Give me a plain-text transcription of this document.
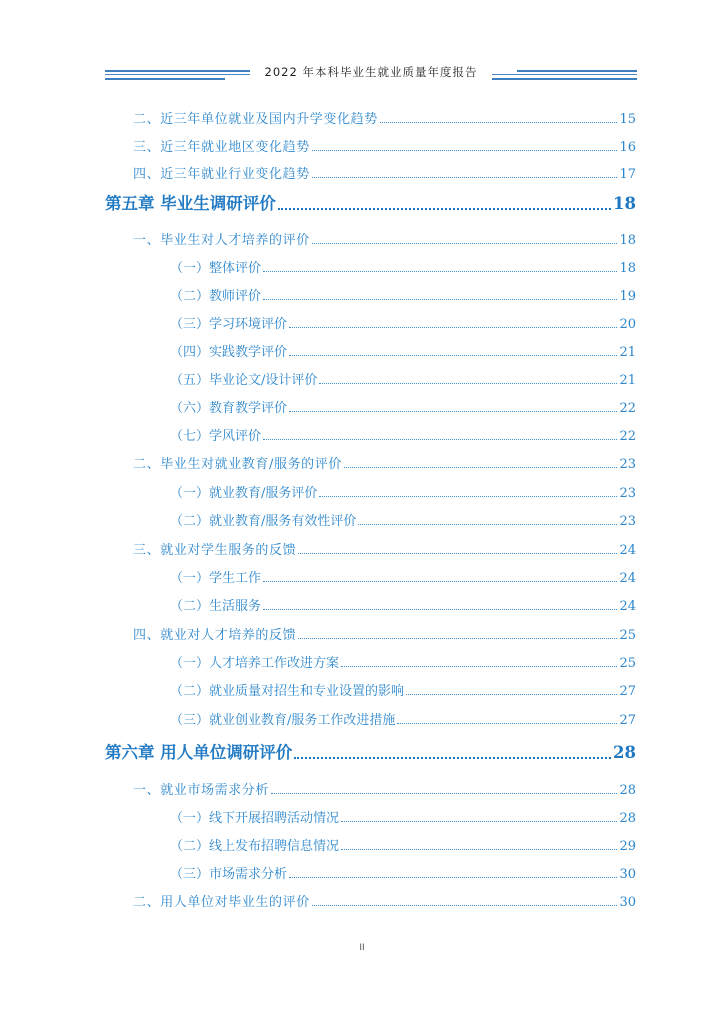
2022 年本科毕业生就业质量年度报告
二、近三年单位就业及国内升学变化趋势	15
三、近三年就业地区变化趋势	16
四、近三年就业行业变化趋势	17
第五章 毕业生调研评价	18
一、毕业生对人才培养的评价	18
（一）整体评价	18
（二）教师评价	19
（三）学习环境评价	20
（四）实践教学评价	21
（五）毕业论文/设计评价	21
（六）教育教学评价	22
（七）学风评价	22
二、毕业生对就业教育/服务的评价	23
（一）就业教育/服务评价	23
（二）就业教育/服务有效性评价	23
三、就业对学生服务的反馈	24
（一）学生工作	24
（二）生活服务	24
四、就业对人才培养的反馈	25
（一）人才培养工作改进方案	25
（二）就业质量对招生和专业设置的影响	27
（三）就业创业教育/服务工作改进措施	27
第六章 用人单位调研评价	28
一、就业市场需求分析	28
（一）线下开展招聘活动情况	28
（二）线上发布招聘信息情况	29
（三）市场需求分析	30
二、用人单位对毕业生的评价	30
II
